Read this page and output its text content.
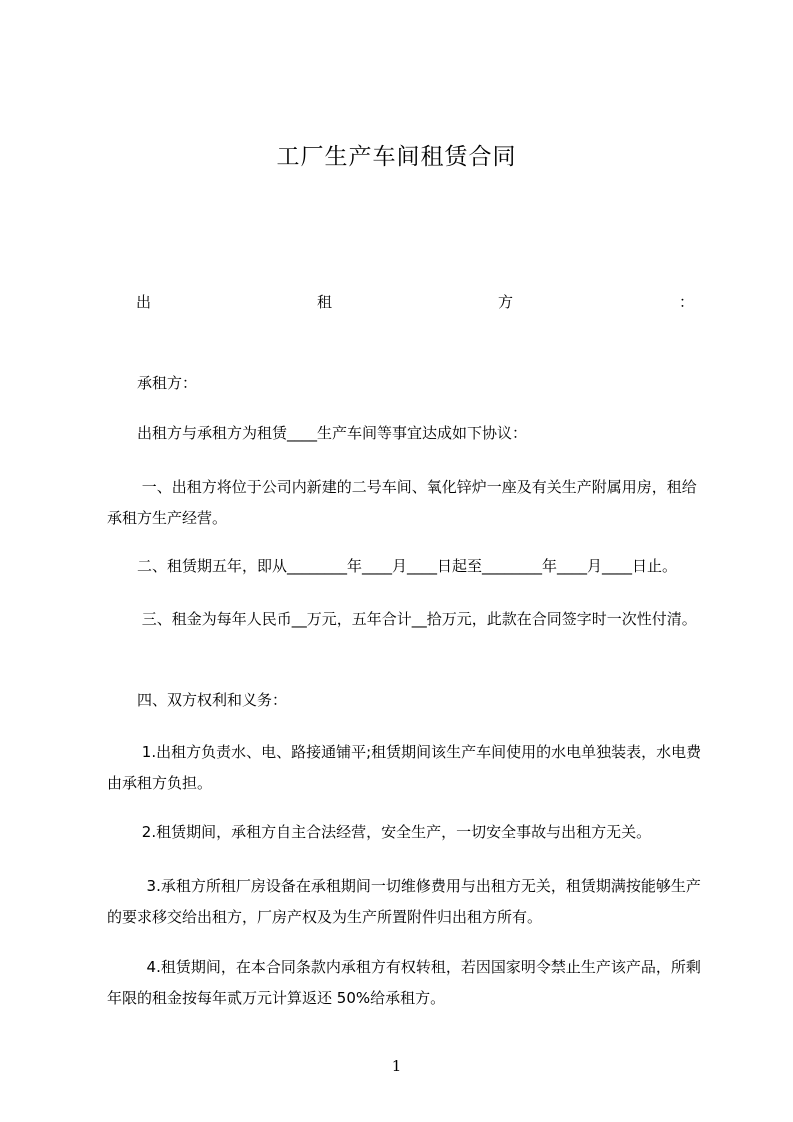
工厂生产车间租赁合同
出	租	方	：
承租方：
出租方与承租方为租赁____生产车间等事宜达成如下协议：
一、出租方将位于公司内新建的二号车间、氧化锌炉一座及有关生产附属用房，租给承租方生产经营。
二、租赁期五年，即从________年____月____日起至________年____月____日止。
三、租金为每年人民币__万元，五年合计__拾万元，此款在合同签字时一次性付清。
四、双方权利和义务：
1.出租方负责水、电、路接通铺平;租赁期间该生产车间使用的水电单独装表，水电费由承租方负担。
2.租赁期间，承租方自主合法经营，安全生产，一切安全事故与出租方无关。
3.承租方所租厂房设备在承租期间一切维修费用与出租方无关，租赁期满按能够生产的要求移交给出租方，厂房产权及为生产所置附件归出租方所有。
4.租赁期间，在本合同条款内承租方有权转租，若因国家明令禁止生产该产品，所剩年限的租金按每年贰万元计算返还 50%给承租方。
1
